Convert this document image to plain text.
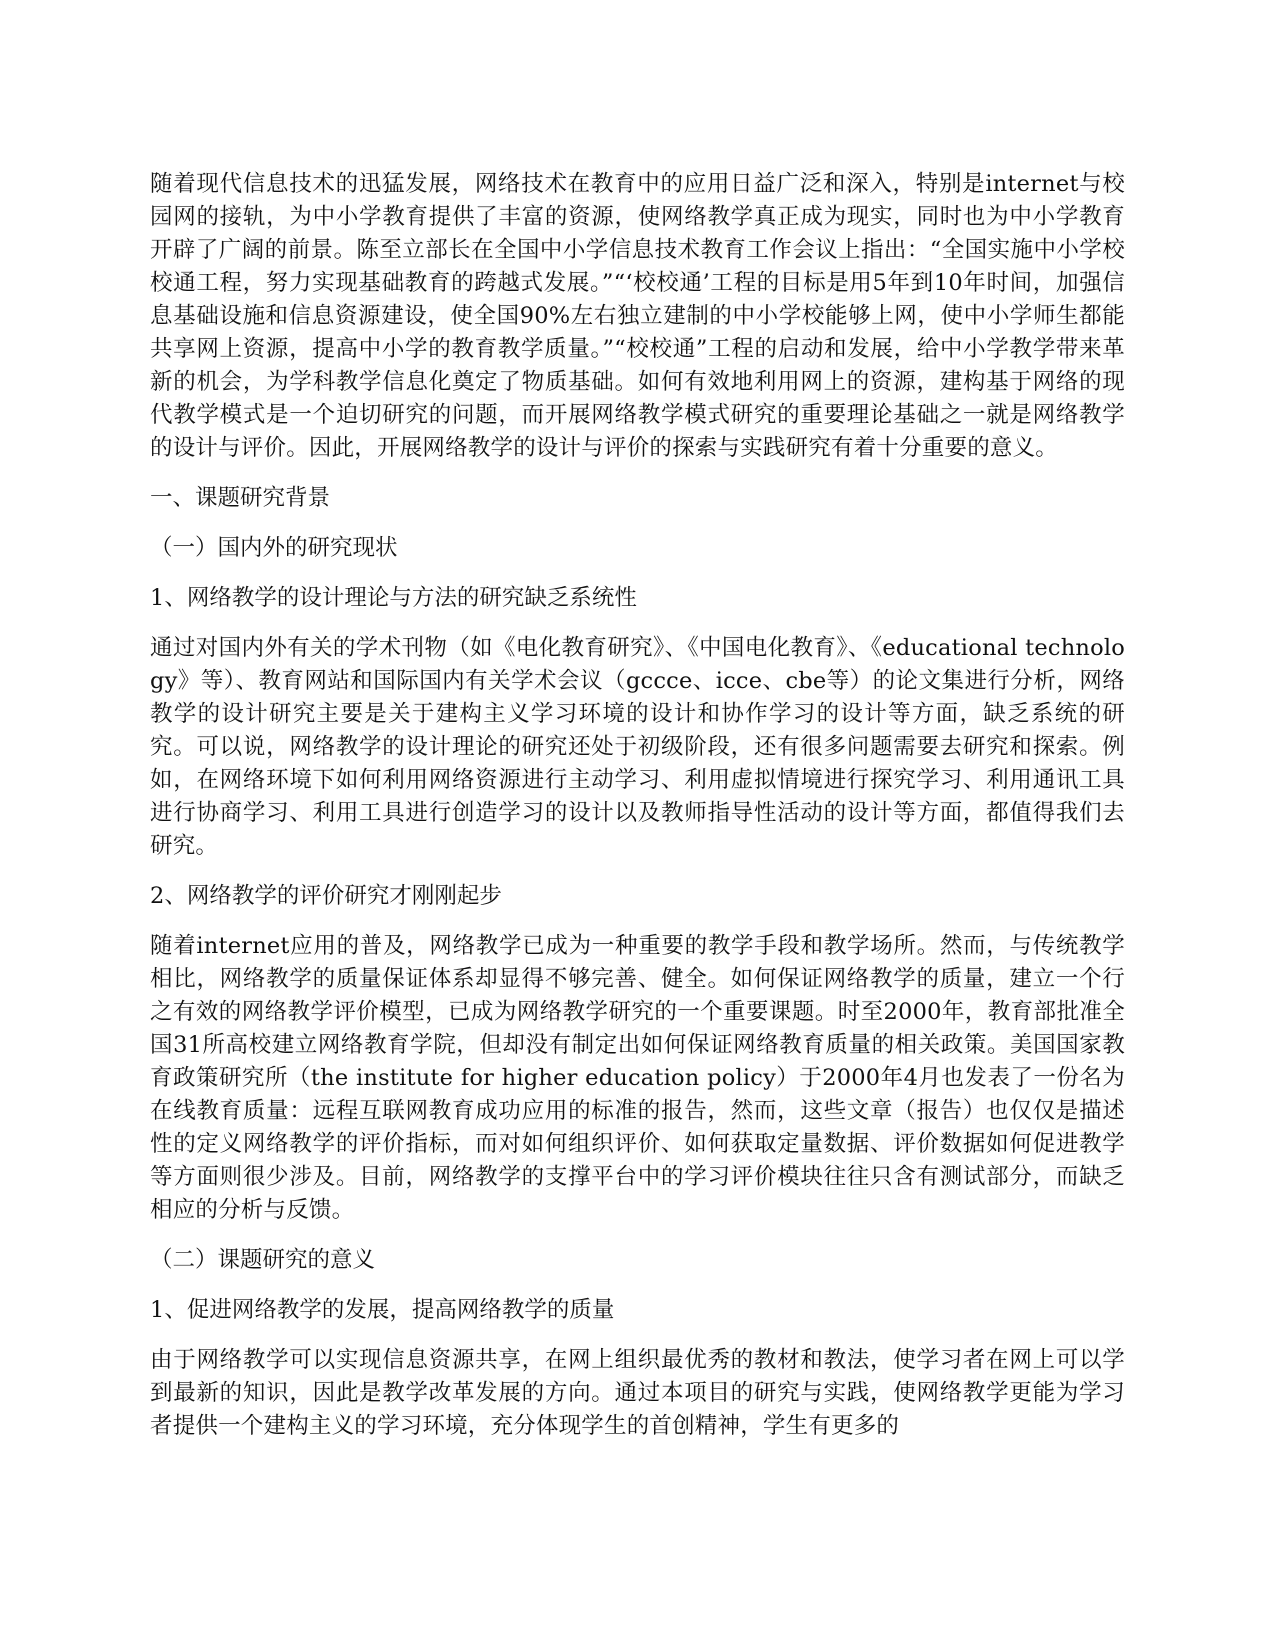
随着现代信息技术的迅猛发展，网络技术在教育中的应用日益广泛和深入，特别是internet与校园网的接轨，为中小学教育提供了丰富的资源，使网络教学真正成为现实，同时也为中小学教育开辟了广阔的前景。陈至立部长在全国中小学信息技术教育工作会议上指出：“全国实施中小学校校通工程，努力实现基础教育的跨越式发展。”“‘校校通’工程的目标是用5年到10年时间，加强信息基础设施和信息资源建设，使全国90%左右独立建制的中小学校能够上网，使中小学师生都能共享网上资源，提高中小学的教育教学质量。”“校校通”工程的启动和发展，给中小学教学带来革新的机会，为学科教学信息化奠定了物质基础。如何有效地利用网上的资源，建构基于网络的现代教学模式是一个迫切研究的问题，而开展网络教学模式研究的重要理论基础之一就是网络教学的设计与评价。因此，开展网络教学的设计与评价的探索与实践研究有着十分重要的意义。

一、课题研究背景

（一）国内外的研究现状

1、网络教学的设计理论与方法的研究缺乏系统性

通过对国内外有关的学术刊物（如《电化教育研究》、《中国电化教育》、《educational technology》等）、教育网站和国际国内有关学术会议（gccce、icce、cbe等）的论文集进行分析，网络教学的设计研究主要是关于建构主义学习环境的设计和协作学习的设计等方面，缺乏系统的研究。可以说，网络教学的设计理论的研究还处于初级阶段，还有很多问题需要去研究和探索。例如，在网络环境下如何利用网络资源进行主动学习、利用虚拟情境进行探究学习、利用通讯工具进行协商学习、利用工具进行创造学习的设计以及教师指导性活动的设计等方面，都值得我们去研究。

2、网络教学的评价研究才刚刚起步

随着internet应用的普及，网络教学已成为一种重要的教学手段和教学场所。然而，与传统教学相比，网络教学的质量保证体系却显得不够完善、健全。如何保证网络教学的质量，建立一个行之有效的网络教学评价模型，已成为网络教学研究的一个重要课题。时至2000年，教育部批准全国31所高校建立网络教育学院，但却没有制定出如何保证网络教育质量的相关政策。美国国家教育政策研究所（the institute for higher education policy）于2000年4月也发表了一份名为在线教育质量：远程互联网教育成功应用的标准的报告，然而，这些文章（报告）也仅仅是描述性的定义网络教学的评价指标，而对如何组织评价、如何获取定量数据、评价数据如何促进教学等方面则很少涉及。目前，网络教学的支撑平台中的学习评价模块往往只含有测试部分，而缺乏相应的分析与反馈。

（二）课题研究的意义

1、促进网络教学的发展，提高网络教学的质量

由于网络教学可以实现信息资源共享，在网上组织最优秀的教材和教法，使学习者在网上可以学到最新的知识，因此是教学改革发展的方向。通过本项目的研究与实践，使网络教学更能为学习者提供一个建构主义的学习环境，充分体现学生的首创精神，学生有更多的
